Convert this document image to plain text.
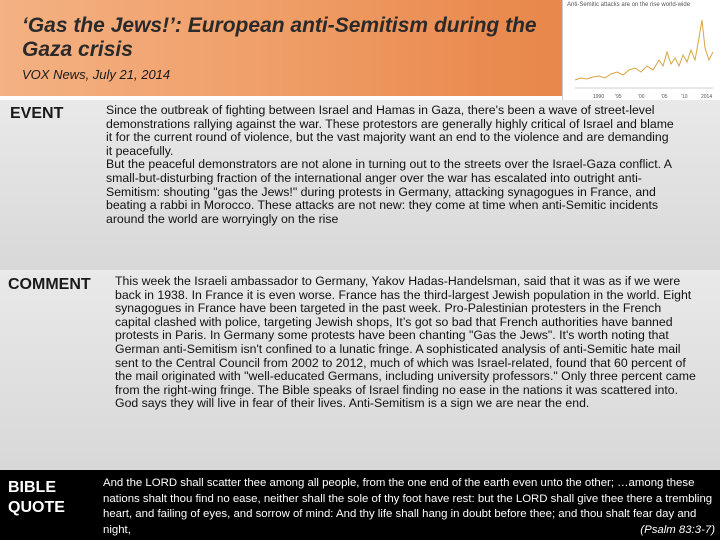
‘Gas the Jews!’: European anti-Semitism during the Gaza crisis
VOX News, July 21, 2014
Anti-Semitic attacks are on the rise world-wide
1990 '95	'00	'05	'10	2014
EVENT	Since the outbreak of fighting between Israel and Hamas in Gaza, there's been a wave of street-level demonstrations rallying against the war. These protestors are generally highly critical of Israel and blame it for the current round of violence, but the vast majority want an end to the violence and are demanding it peacefully.

But the peaceful demonstrators are not alone in turning out to the streets over the Israel-Gaza conflict. A small-but-disturbing fraction of the international anger over the war has escalated into outright anti-Semitism: shouting "gas the Jews!" during protests in Germany, attacking synagogues in France, and beating a rabbi in Morocco. These attacks are not new: they come at time when anti-Semitic incidents around the world are worryingly on the rise

COMMENT This week the Israeli ambassador to Germany, Yakov Hadas-Handelsman, said that it was as if we were back in 1938. In France it is even worse. France has the third-largest Jewish population in the world. Eight synagogues in France have been targeted in the past week. Pro-Palestinian protesters in the French capital clashed with police, targeting Jewish shops, It’s got so bad that French authorities have banned protests in Paris. In Germany some protests have been chanting "Gas the Jews". It's worth noting that German anti-Semitism isn't confined to a lunatic fringe. A sophisticated analysis of anti-Semitic hate mail sent to the Central Council from 2002 to 2012, much of which was Israel-related, found that 60 percent of the mail originated with "well-educated Germans, including university professors." Only three percent came from the right-wing fringe. The Bible speaks of Israel finding no ease in the nations it was scattered into. God says they will live in fear of their lives. Anti-Semitism is a sign we are near the end.
BIBLE
QUOTE
And the LORD shall scatter thee among all people, from the one end of the earth even unto the other; …among these nations shalt thou find no ease, neither shall the sole of thy foot have rest: but the LORD shall give thee there a trembling heart, and failing of eyes, and sorrow of mind: And thy life shall hang in doubt before thee; and thou shalt fear day and night,	(Psalm 83:3-7)
